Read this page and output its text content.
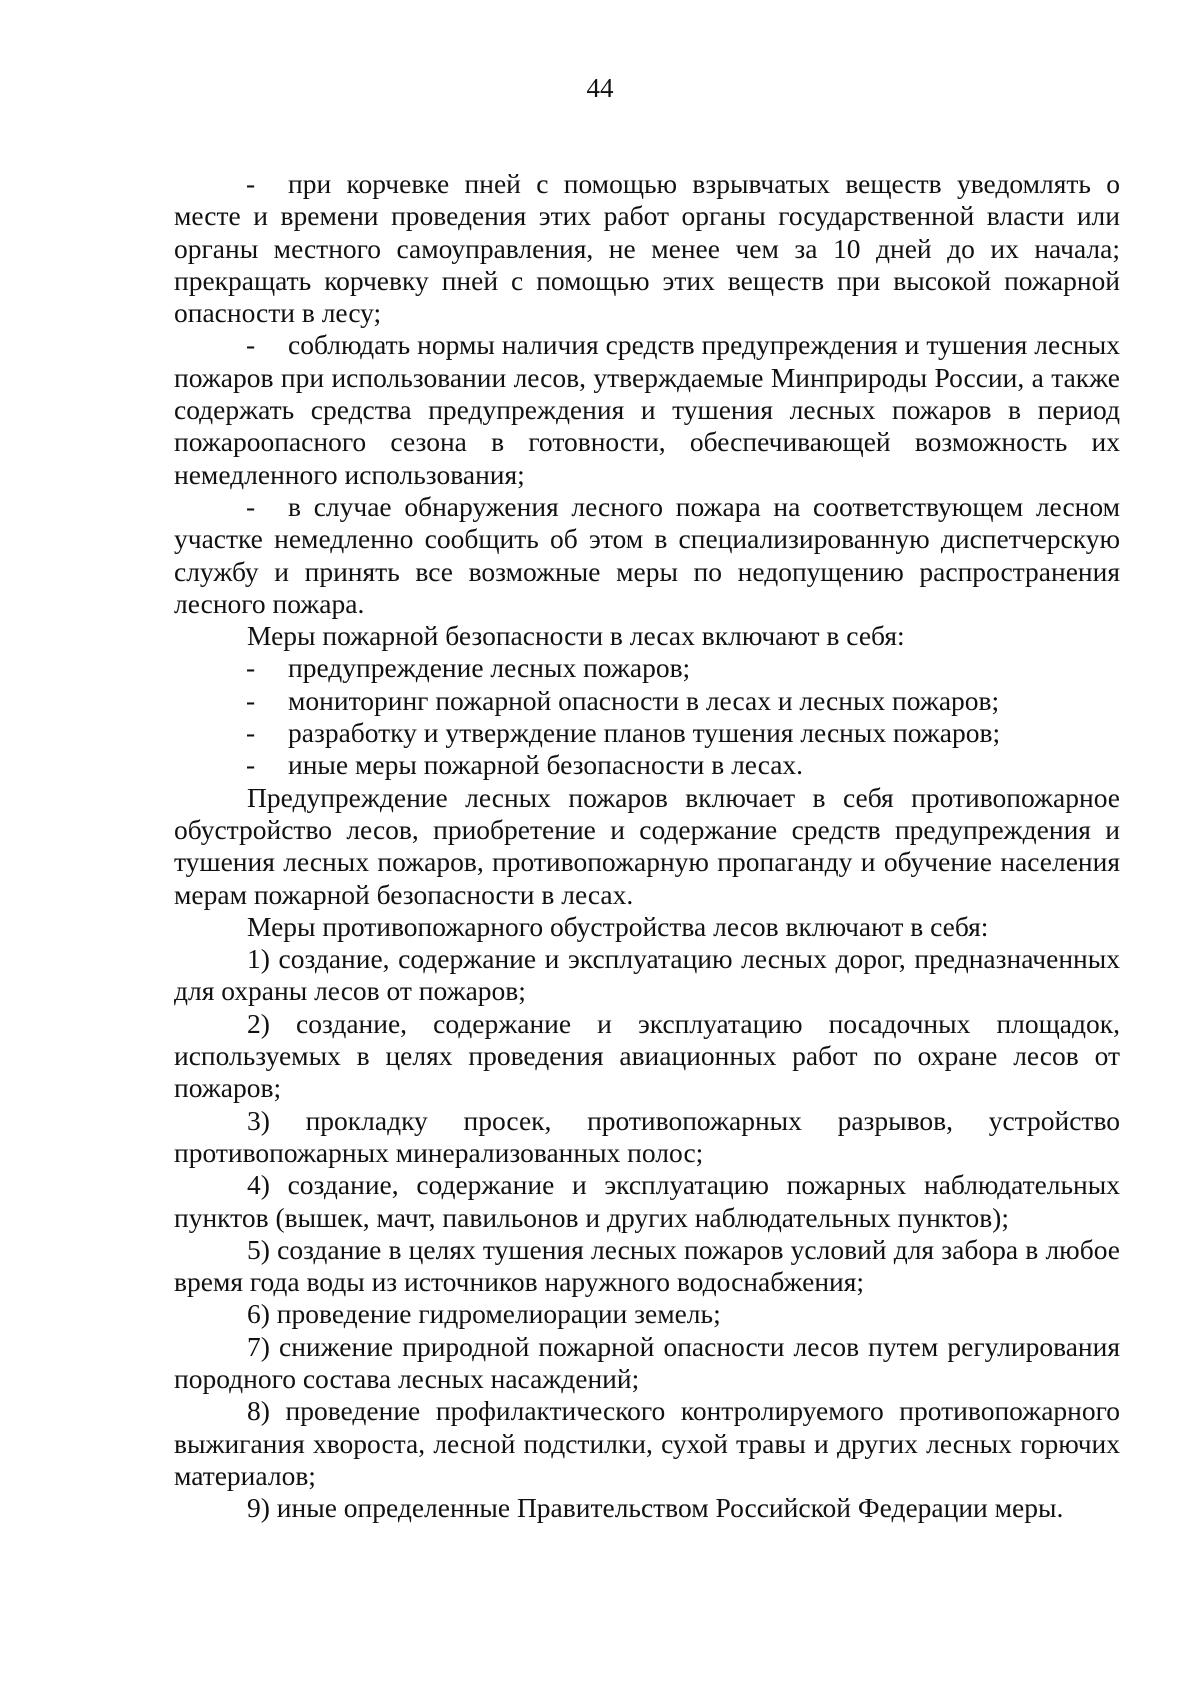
44

- при корчевке пней с помощью взрывчатых веществ уведомлять о месте и времени проведения этих работ органы государственной власти или органы местного самоуправления, не менее чем за 10 дней до их начала; прекращать корчевку пней с помощью этих веществ при высокой пожарной опасности в лесу;

- соблюдать нормы наличия средств предупреждения и тушения лесных пожаров при использовании лесов, утверждаемые Минприроды России, а также содержать средства предупреждения и тушения лесных пожаров в период пожароопасного сезона в готовности, обеспечивающей возможность их немедленного использования;

- в случае обнаружения лесного пожара на соответствующем лесном участке немедленно сообщить об этом в специализированную диспетчерскую службу и принять все возможные меры по недопущению распространения лесного пожара.

Меры пожарной безопасности в лесах включают в себя:

- предупреждение лесных пожаров;

- мониторинг пожарной опасности в лесах и лесных пожаров;

- разработку и утверждение планов тушения лесных пожаров;

- иные меры пожарной безопасности в лесах.

Предупреждение лесных пожаров включает в себя противопожарное обустройство лесов, приобретение и содержание средств предупреждения и тушения лесных пожаров, противопожарную пропаганду и обучение населения мерам пожарной безопасности в лесах.

Меры противопожарного обустройства лесов включают в себя:

1) создание, содержание и эксплуатацию лесных дорог, предназначенных для охраны лесов от пожаров;

2) создание, содержание и эксплуатацию посадочных площадок, используемых в целях проведения авиационных работ по охране лесов от пожаров;

3) прокладку просек, противопожарных разрывов, устройство противопожарных минерализованных полос;

4) создание, содержание и эксплуатацию пожарных наблюдательных пунктов (вышек, мачт, павильонов и других наблюдательных пунктов);

5) создание в целях тушения лесных пожаров условий для забора в любое время года воды из источников наружного водоснабжения;

6) проведение гидромелиорации земель;

7) снижение природной пожарной опасности лесов путем регулирования породного состава лесных насаждений;

8) проведение профилактического контролируемого противопожарного выжигания хвороста, лесной подстилки, сухой травы и других лесных горючих материалов;

9) иные определенные Правительством Российской Федерации меры.
